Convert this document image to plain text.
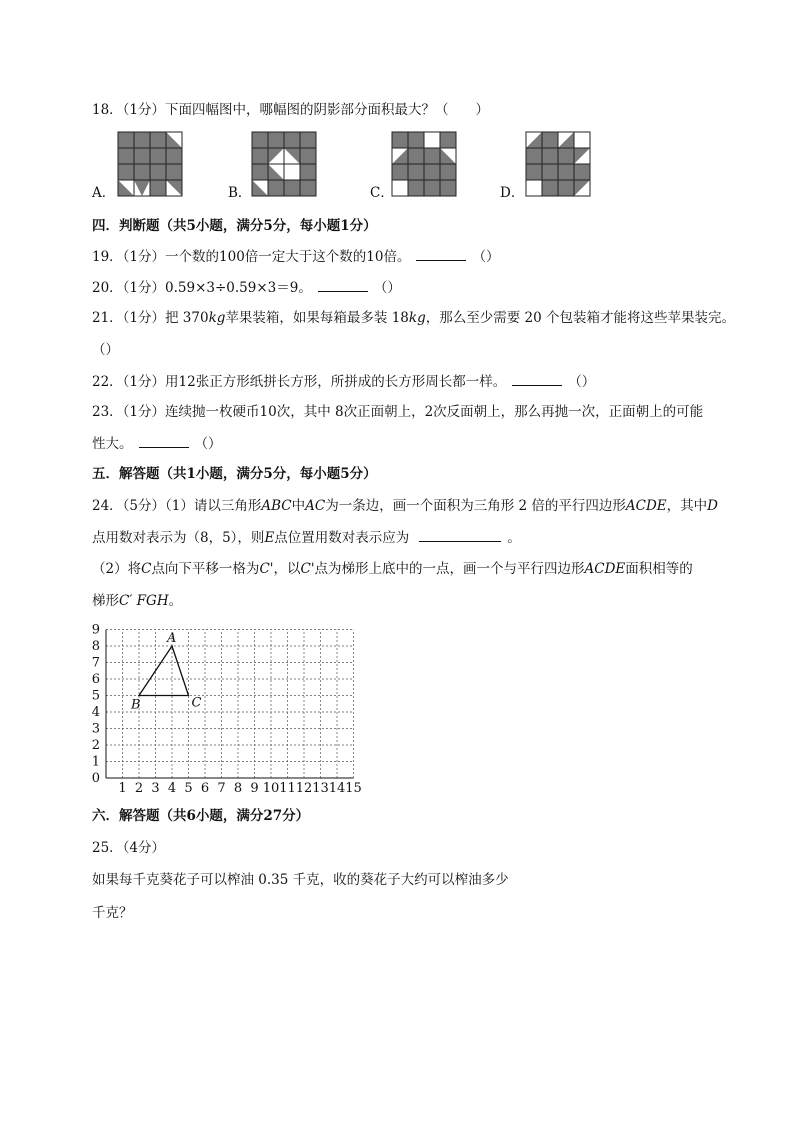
18．（1分）下面四幅图中，哪幅图的阴影部分面积最大？（　　）
A．	B．	C．	D．
四．判断题（共5小题，满分5分，每小题1分）
19．（1分）一个数的100倍一定大于这个数的10倍。	（）
20．（1分）0.59×3÷0.59×3＝9。	（）
21．（1分）把 370kg苹果装箱，如果每箱最多装 18kg，那么至少需要 20 个包装箱才能将这些苹果装完。
（）
22．（1分）用12张正方形纸拼长方形，所拼成的长方形周长都一样。	（）
23．（1分）连续抛一枚硬币10次，其中 8次正面朝上，2次反面朝上，那么再抛一次，正面朝上的可能
性大。	（）
五．解答题（共1小题，满分5分，每小题5分）
24．（5分）（1）请以三角形ABC中AC为一条边，画一个面积为三角形 2 倍的平行四边形ACDE，其中D
点用数对表示为（8，5），则E点位置用数对表示应为	。
（2）将C点向下平移一格为C'，以C'点为梯形上底中的一点，画一个与平行四边形ACDE面积相等的
梯形C′ FGH。
1 2 3 4 5 6 7 8 9 10 11 12 13 14 15
0
1
2
3
4
5
6
7
8
9
A
B	C
六．解答题（共6小题，满分27分）
25．（4分）
如果每千克葵花子可以榨油 0.35 千克，收的葵花子大约可以榨油多少
千克？
